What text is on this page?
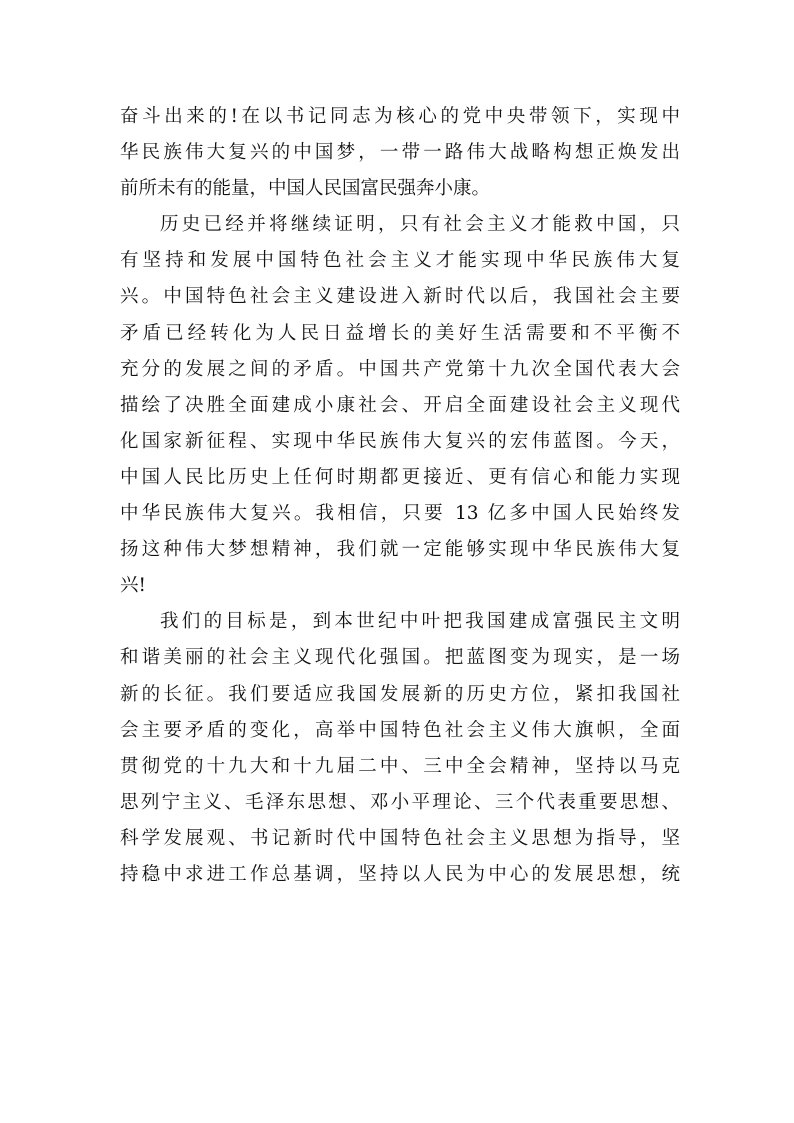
奋斗出来的!在以书记同志为核心的党中央带领下，实现中
华民族伟大复兴的中国梦，一带一路伟大战略构想正焕发出
前所未有的能量，中国人民国富民强奔小康。
历史已经并将继续证明，只有社会主义才能救中国，只
有坚持和发展中国特色社会主义才能实现中华民族伟大复
兴。中国特色社会主义建设进入新时代以后，我国社会主要
矛盾已经转化为人民日益增长的美好生活需要和不平衡不
充分的发展之间的矛盾。中国共产党第十九次全国代表大会
描绘了决胜全面建成小康社会、开启全面建设社会主义现代
化国家新征程、实现中华民族伟大复兴的宏伟蓝图。今天，
中国人民比历史上任何时期都更接近、更有信心和能力实现
中华民族伟大复兴。我相信，只要 13 亿多中国人民始终发
扬这种伟大梦想精神，我们就一定能够实现中华民族伟大复
兴!
我们的目标是，到本世纪中叶把我国建成富强民主文明
和谐美丽的社会主义现代化强国。把蓝图变为现实，是一场
新的长征。我们要适应我国发展新的历史方位，紧扣我国社
会主要矛盾的变化，高举中国特色社会主义伟大旗帜，全面
贯彻党的十九大和十九届二中、三中全会精神，坚持以马克
思列宁主义、毛泽东思想、邓小平理论、三个代表重要思想、
科学发展观、书记新时代中国特色社会主义思想为指导，坚
持稳中求进工作总基调，坚持以人民为中心的发展思想，统
